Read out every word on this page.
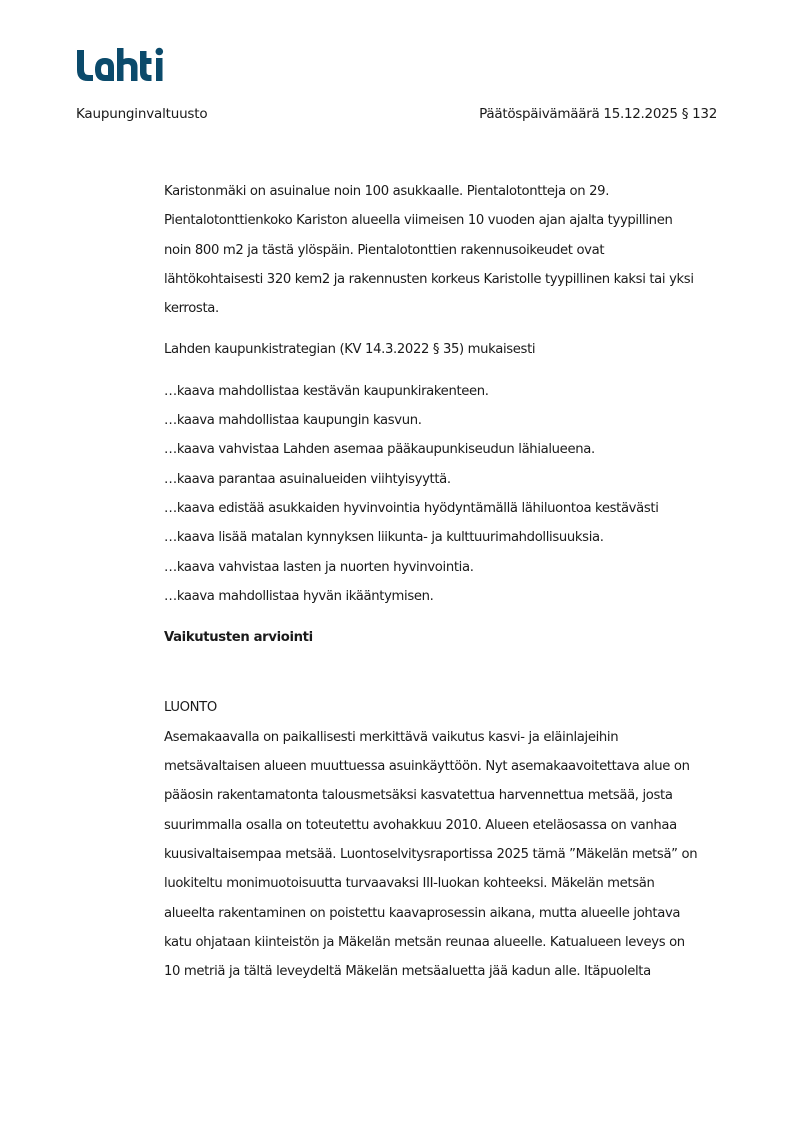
Kaupunginvaltuusto	Päätöspäivämäärä 15.12.2025 § 132
Karistonmäki on asuinalue noin 100 asukkaalle. Pientalotontteja on 29.
Pientalotonttienkoko Kariston alueella viimeisen 10 vuoden ajan ajalta tyypillinen
noin 800 m2 ja tästä ylöspäin. Pientalotonttien rakennusoikeudet ovat
lähtökohtaisesti 320 kem2 ja rakennusten korkeus Karistolle tyypillinen kaksi tai yksi
kerrosta.
Lahden kaupunkistrategian (KV 14.3.2022 § 35) mukaisesti
…kaava mahdollistaa kestävän kaupunkirakenteen.
…kaava mahdollistaa kaupungin kasvun.
…kaava vahvistaa Lahden asemaa pääkaupunkiseudun lähialueena.
…kaava parantaa asuinalueiden viihtyisyyttä.
…kaava edistää asukkaiden hyvinvointia hyödyntämällä lähiluontoa kestävästi
…kaava lisää matalan kynnyksen liikunta- ja kulttuurimahdollisuuksia.
…kaava vahvistaa lasten ja nuorten hyvinvointia.
…kaava mahdollistaa hyvän ikääntymisen.
Vaikutusten arviointi
LUONTO
Asemakaavalla on paikallisesti merkittävä vaikutus kasvi- ja eläinlajeihin
metsävaltaisen alueen muuttuessa asuinkäyttöön. Nyt asemakaavoitettava alue on
pääosin rakentamatonta talousmetsäksi kasvatettua harvennettua metsää, josta
suurimmalla osalla on toteutettu avohakkuu 2010. Alueen eteläosassa on vanhaa
kuusivaltaisempaa metsää. Luontoselvitysraportissa 2025 tämä ”Mäkelän metsä” on
luokiteltu monimuotoisuutta turvaavaksi III-luokan kohteeksi. Mäkelän metsän
alueelta rakentaminen on poistettu kaavaprosessin aikana, mutta alueelle johtava
katu ohjataan kiinteistön ja Mäkelän metsän reunaa alueelle. Katualueen leveys on
10 metriä ja tältä leveydeltä Mäkelän metsäaluetta jää kadun alle. Itäpuolelta
